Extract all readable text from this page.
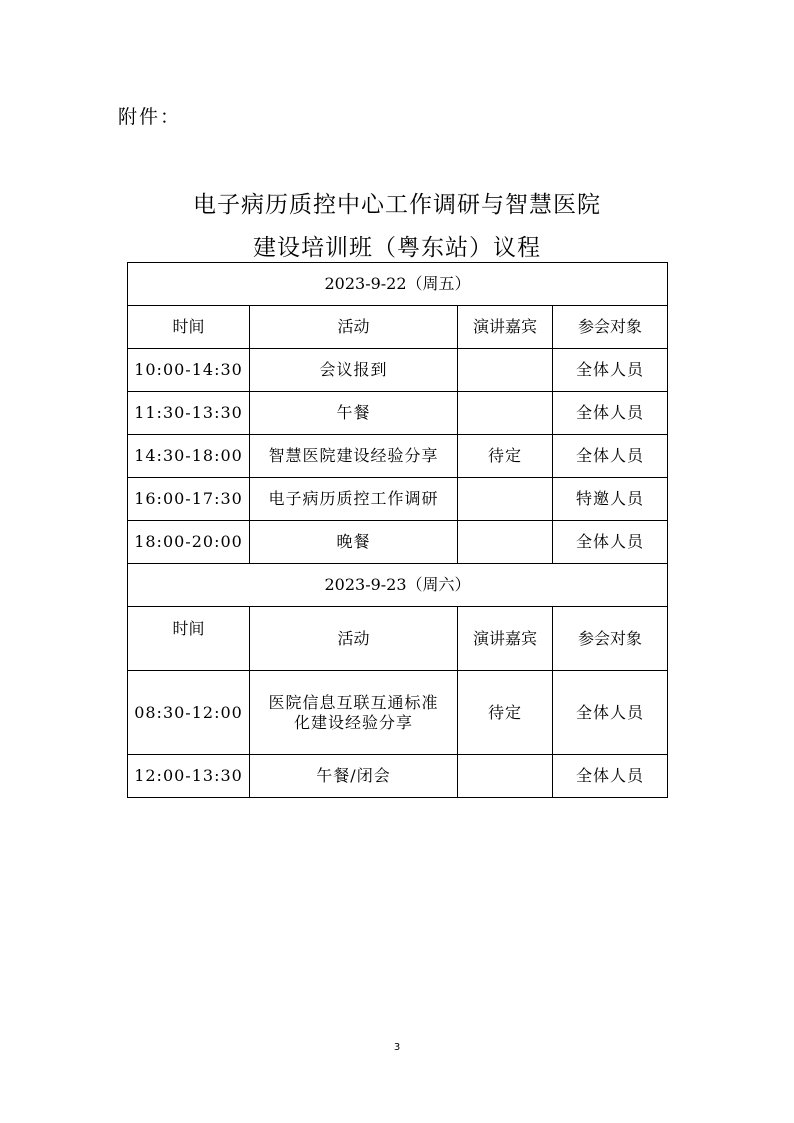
附件：
电子病历质控中心工作调研与智慧医院
建设培训班（粤东站）议程
2023-9-22（周五）			
时间	活动	演讲嘉宾	参会对象
10:00-14:30	会议报到		全体人员
11:30-13:30	午餐		全体人员
14:30-18:00	智慧医院建设经验分享	待定	全体人员
16:00-17:30	电子病历质控工作调研		特邀人员
18:00-20:00	晚餐		全体人员
2023-9-23（周六）			
时间	活动	演讲嘉宾	参会对象
08:30-12:00	医院信息互联互通标准
化建设经验分享	待定	全体人员
12:00-13:30	午餐/闭会		全体人员
3
